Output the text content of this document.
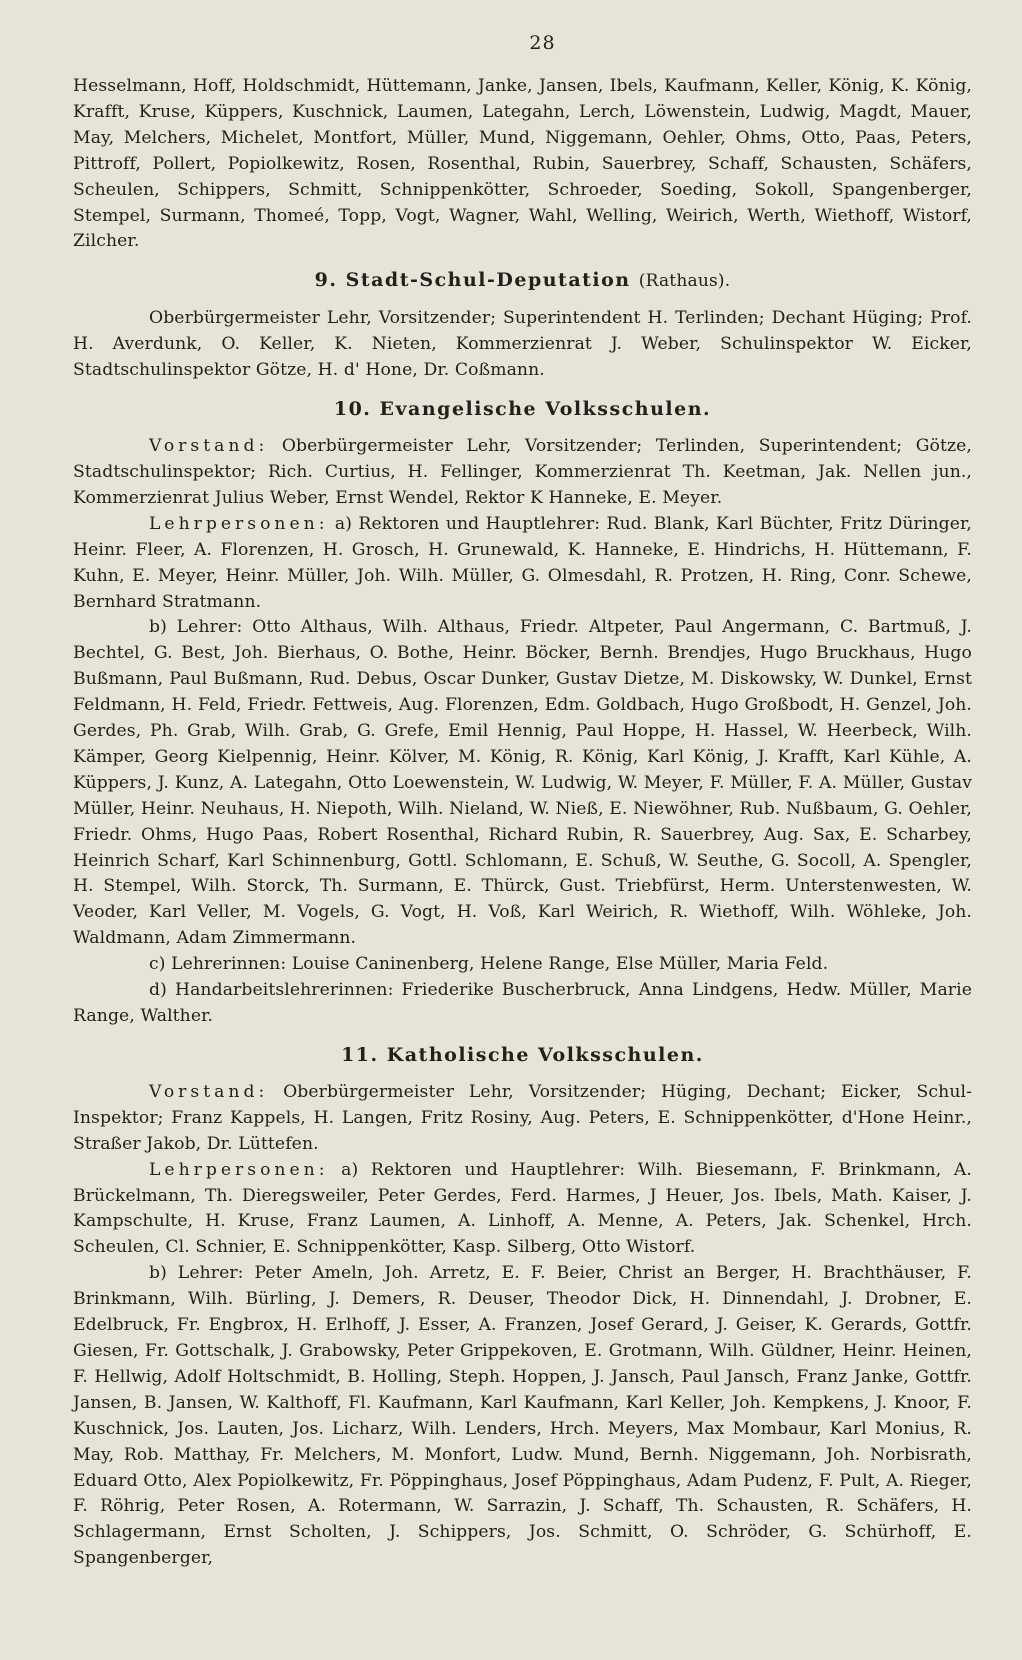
28

Hesselmann, Hoff, Holdschmidt, Hüttemann, Janke, Jansen, Ibels, Kaufmann, Keller, König, K. König, Krafft, Kruse, Küppers, Kuschnick, Laumen, Lategahn, Lerch, Löwenstein, Ludwig, Magdt, Mauer, May, Melchers, Michelet, Montfort, Müller, Mund, Niggemann, Oehler, Ohms, Otto, Paas, Peters, Pittroff, Pollert, Popiolkewitz, Rosen, Rosenthal, Rubin, Sauerbrey, Schaff, Schausten, Schäfers, Scheulen, Schippers, Schmitt, Schnippenkötter, Schroeder, Soeding, Sokoll, Spangenberger, Stempel, Surmann, Thomeé, Topp, Vogt, Wagner, Wahl, Welling, Weirich, Werth, Wiethoff, Wistorf, Zilcher.

9. Stadt-Schul-Deputation (Rathaus).

Oberbürgermeister Lehr, Vorsitzender; Superintendent H. Terlinden; Dechant Hüging; Prof. H. Averdunk, O. Keller, K. Nieten, Kommerzienrat J. Weber, Schulinspektor W. Eicker, Stadtschulinspektor Götze, H. d' Hone, Dr. Coßmann.

10. Evangelische Volksschulen.

Vorstand: Oberbürgermeister Lehr, Vorsitzender; Terlinden, Superintendent; Götze, Stadtschulinspektor; Rich. Curtius, H. Fellinger, Kommerzienrat Th. Keetman, Jak. Nellen jun., Kommerzienrat Julius Weber, Ernst Wendel, Rektor K Hanneke, E. Meyer.

Lehrpersonen: a) Rektoren und Hauptlehrer: Rud. Blank, Karl Büchter, Fritz Düringer, Heinr. Fleer, A. Florenzen, H. Grosch, H. Grunewald, K. Hanneke, E. Hindrichs, H. Hüttemann, F. Kuhn, E. Meyer, Heinr. Müller, Joh. Wilh. Müller, G. Olmesdahl, R. Protzen, H. Ring, Conr. Schewe, Bernhard Stratmann.

b) Lehrer: Otto Althaus, Wilh. Althaus, Friedr. Altpeter, Paul Angermann, C. Bartmuß, J. Bechtel, G. Best, Joh. Bierhaus, O. Bothe, Heinr. Böcker, Bernh. Brendjes, Hugo Bruckhaus, Hugo Bußmann, Paul Bußmann, Rud. Debus, Oscar Dunker, Gustav Dietze, M. Diskowsky, W. Dunkel, Ernst Feldmann, H. Feld, Friedr. Fettweis, Aug. Florenzen, Edm. Goldbach, Hugo Großbodt, H. Genzel, Joh. Gerdes, Ph. Grab, Wilh. Grab, G. Grefe, Emil Hennig, Paul Hoppe, H. Hassel, W. Heerbeck, Wilh. Kämper, Georg Kielpennig, Heinr. Kölver, M. König, R. König, Karl König, J. Krafft, Karl Kühle, A. Küppers, J. Kunz, A. Lategahn, Otto Loewenstein, W. Ludwig, W. Meyer, F. Müller, F. A. Müller, Gustav Müller, Heinr. Neuhaus, H. Niepoth, Wilh. Nieland, W. Nieß, E. Niewöhner, Rub. Nußbaum, G. Oehler, Friedr. Ohms, Hugo Paas, Robert Rosenthal, Richard Rubin, R. Sauerbrey, Aug. Sax, E. Scharbey, Heinrich Scharf, Karl Schinnenburg, Gottl. Schlomann, E. Schuß, W. Seuthe, G. Socoll, A. Spengler, H. Stempel, Wilh. Storck, Th. Surmann, E. Thürck, Gust. Triebfürst, Herm. Unterstenwesten, W. Veoder, Karl Veller, M. Vogels, G. Vogt, H. Voß, Karl Weirich, R. Wiethoff, Wilh. Wöhleke, Joh. Waldmann, Adam Zimmermann.

c) Lehrerinnen: Louise Caninenberg, Helene Range, Else Müller, Maria Feld.

d) Handarbeitslehrerinnen: Friederike Buscherbruck, Anna Lindgens, Hedw. Müller, Marie Range, Walther.

11. Katholische Volksschulen.

Vorstand: Oberbürgermeister Lehr, Vorsitzender; Hüging, Dechant; Eicker, Schul-Inspektor; Franz Kappels, H. Langen, Fritz Rosiny, Aug. Peters, E. Schnippenkötter, d'Hone Heinr., Straßer Jakob, Dr. Lüttefen.

Lehrpersonen: a) Rektoren und Hauptlehrer: Wilh. Biesemann, F. Brinkmann, A. Brückelmann, Th. Dieregsweiler, Peter Gerdes, Ferd. Harmes, J Heuer, Jos. Ibels, Math. Kaiser, J. Kampschulte, H. Kruse, Franz Laumen, A. Linhoff, A. Menne, A. Peters, Jak. Schenkel, Hrch. Scheulen, Cl. Schnier, E. Schnippenkötter, Kasp. Silberg, Otto Wistorf.

b) Lehrer: Peter Ameln, Joh. Arretz, E. F. Beier, Christ an Berger, H. Brachthäuser, F. Brinkmann, Wilh. Bürling, J. Demers, R. Deuser, Theodor Dick, H. Dinnendahl, J. Drobner, E. Edelbruck, Fr. Engbrox, H. Erlhoff, J. Esser, A. Franzen, Josef Gerard, J. Geiser, K. Gerards, Gottfr. Giesen, Fr. Gottschalk, J. Grabowsky, Peter Grippekoven, E. Grotmann, Wilh. Güldner, Heinr. Heinen, F. Hellwig, Adolf Holtschmidt, B. Holling, Steph. Hoppen, J. Jansch, Paul Jansch, Franz Janke, Gottfr. Jansen, B. Jansen, W. Kalthoff, Fl. Kaufmann, Karl Kaufmann, Karl Keller, Joh. Kempkens, J. Knoor, F. Kuschnick, Jos. Lauten, Jos. Licharz, Wilh. Lenders, Hrch. Meyers, Max Mombaur, Karl Monius, R. May, Rob. Matthay, Fr. Melchers, M. Monfort, Ludw. Mund, Bernh. Niggemann, Joh. Norbisrath, Eduard Otto, Alex Popiolkewitz, Fr. Pöppinghaus, Josef Pöppinghaus, Adam Pudenz, F. Pult, A. Rieger, F. Röhrig, Peter Rosen, A. Rotermann, W. Sarrazin, J. Schaff, Th. Schausten, R. Schäfers, H. Schlagermann, Ernst Scholten, J. Schippers, Jos. Schmitt, O. Schröder, G. Schürhoff, E. Spangenberger,
